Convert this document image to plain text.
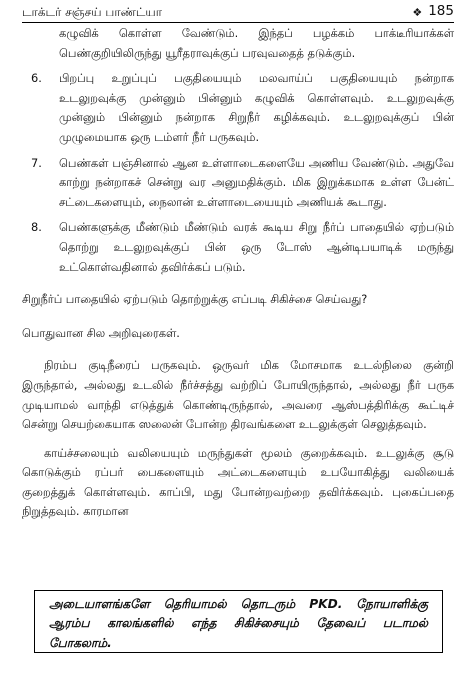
டாக்டர் சஞ்சய் பாண்ட்யா	❖ 185

கழுவிக் கொள்ள வேண்டும். இந்தப் பழக்கம் பாக்டீரியாக்கள் பெண்குறியிலிருந்து யூரீதராவுக்குப் பரவுவதைத் தடுக்கும்.

6. பிறப்பு உறுப்புப் பகுதியையும் மலவாய்ப் பகுதியையும் நன்றாக உடலுறவுக்கு முன்னும் பின்னும் கழுவிக் கொள்ளவும். உடலுறவுக்கு முன்னும் பின்னும் நன்றாக சிறுநீர் கழிக்கவும். உடலுறவுக்குப் பின் முழுமையாக ஒரு டம்ளர் நீர் பருகவும்.

7. பெண்கள் பஞ்சினால் ஆன உள்ளாடைகளையே அணிய வேண்டும். அதுவே காற்று நன்றாகச் சென்று வர அனுமதிக்கும். மிக இறுக்கமாக உள்ள பேன்ட் சட்டைகளையும், நைலான் உள்ளாடையையும் அணியக் கூடாது.

8. பெண்களுக்கு மீண்டும் மீண்டும் வரக் கூடிய சிறு நீர்ப் பாதையில் ஏற்படும் தொற்று உடலுறவுக்குப் பின் ஒரு டோஸ் ஆன்டிபயாடிக் மருந்து உட்கொள்வதினால் தவிர்க்கப் படும்.

சிறுநீர்ப் பாதையில் ஏற்படும் தொற்றுக்கு எப்படி சிகிச்சை செய்வது?

பொதுவான சில அறிவுரைகள்.

நிரம்ப குடிநீரைப் பருகவும். ஒருவர் மிக மோசமாக உடல்நிலை குன்றி இருந்தால், அல்லது உடலில் நீர்ச்சத்து வற்றிப் போயிருந்தால், அல்லது நீர் பருக முடியாமல் வாந்தி எடுத்துக் கொண்டிருந்தால், அவரை ஆஸ்பத்திரிக்கு கூட்டிச் சென்று செயற்கையாக ஸலைன் போன்ற திரவங்களை உடலுக்குள் செலுத்தவும்.

காய்ச்சலையும் வலியையும் மருந்துகள் மூலம் குறைக்கவும். உடலுக்கு சூடு கொடுக்கும் ரப்பர் பைகளையும் அட்டைகளையும் உபயோகித்து வலியைக் குறைத்துக் கொள்ளவும். காப்பி, மது போன்றவற்றை தவிர்க்கவும். புகைப்பதை நிறுத்தவும். காரமான

அடையாளங்களே தெரியாமல் தொடரும் PKD. நோயாளிக்கு ஆரம்ப காலங்களில் எந்த சிகிச்சையும் தேவைப் படாமல் போகலாம்.
